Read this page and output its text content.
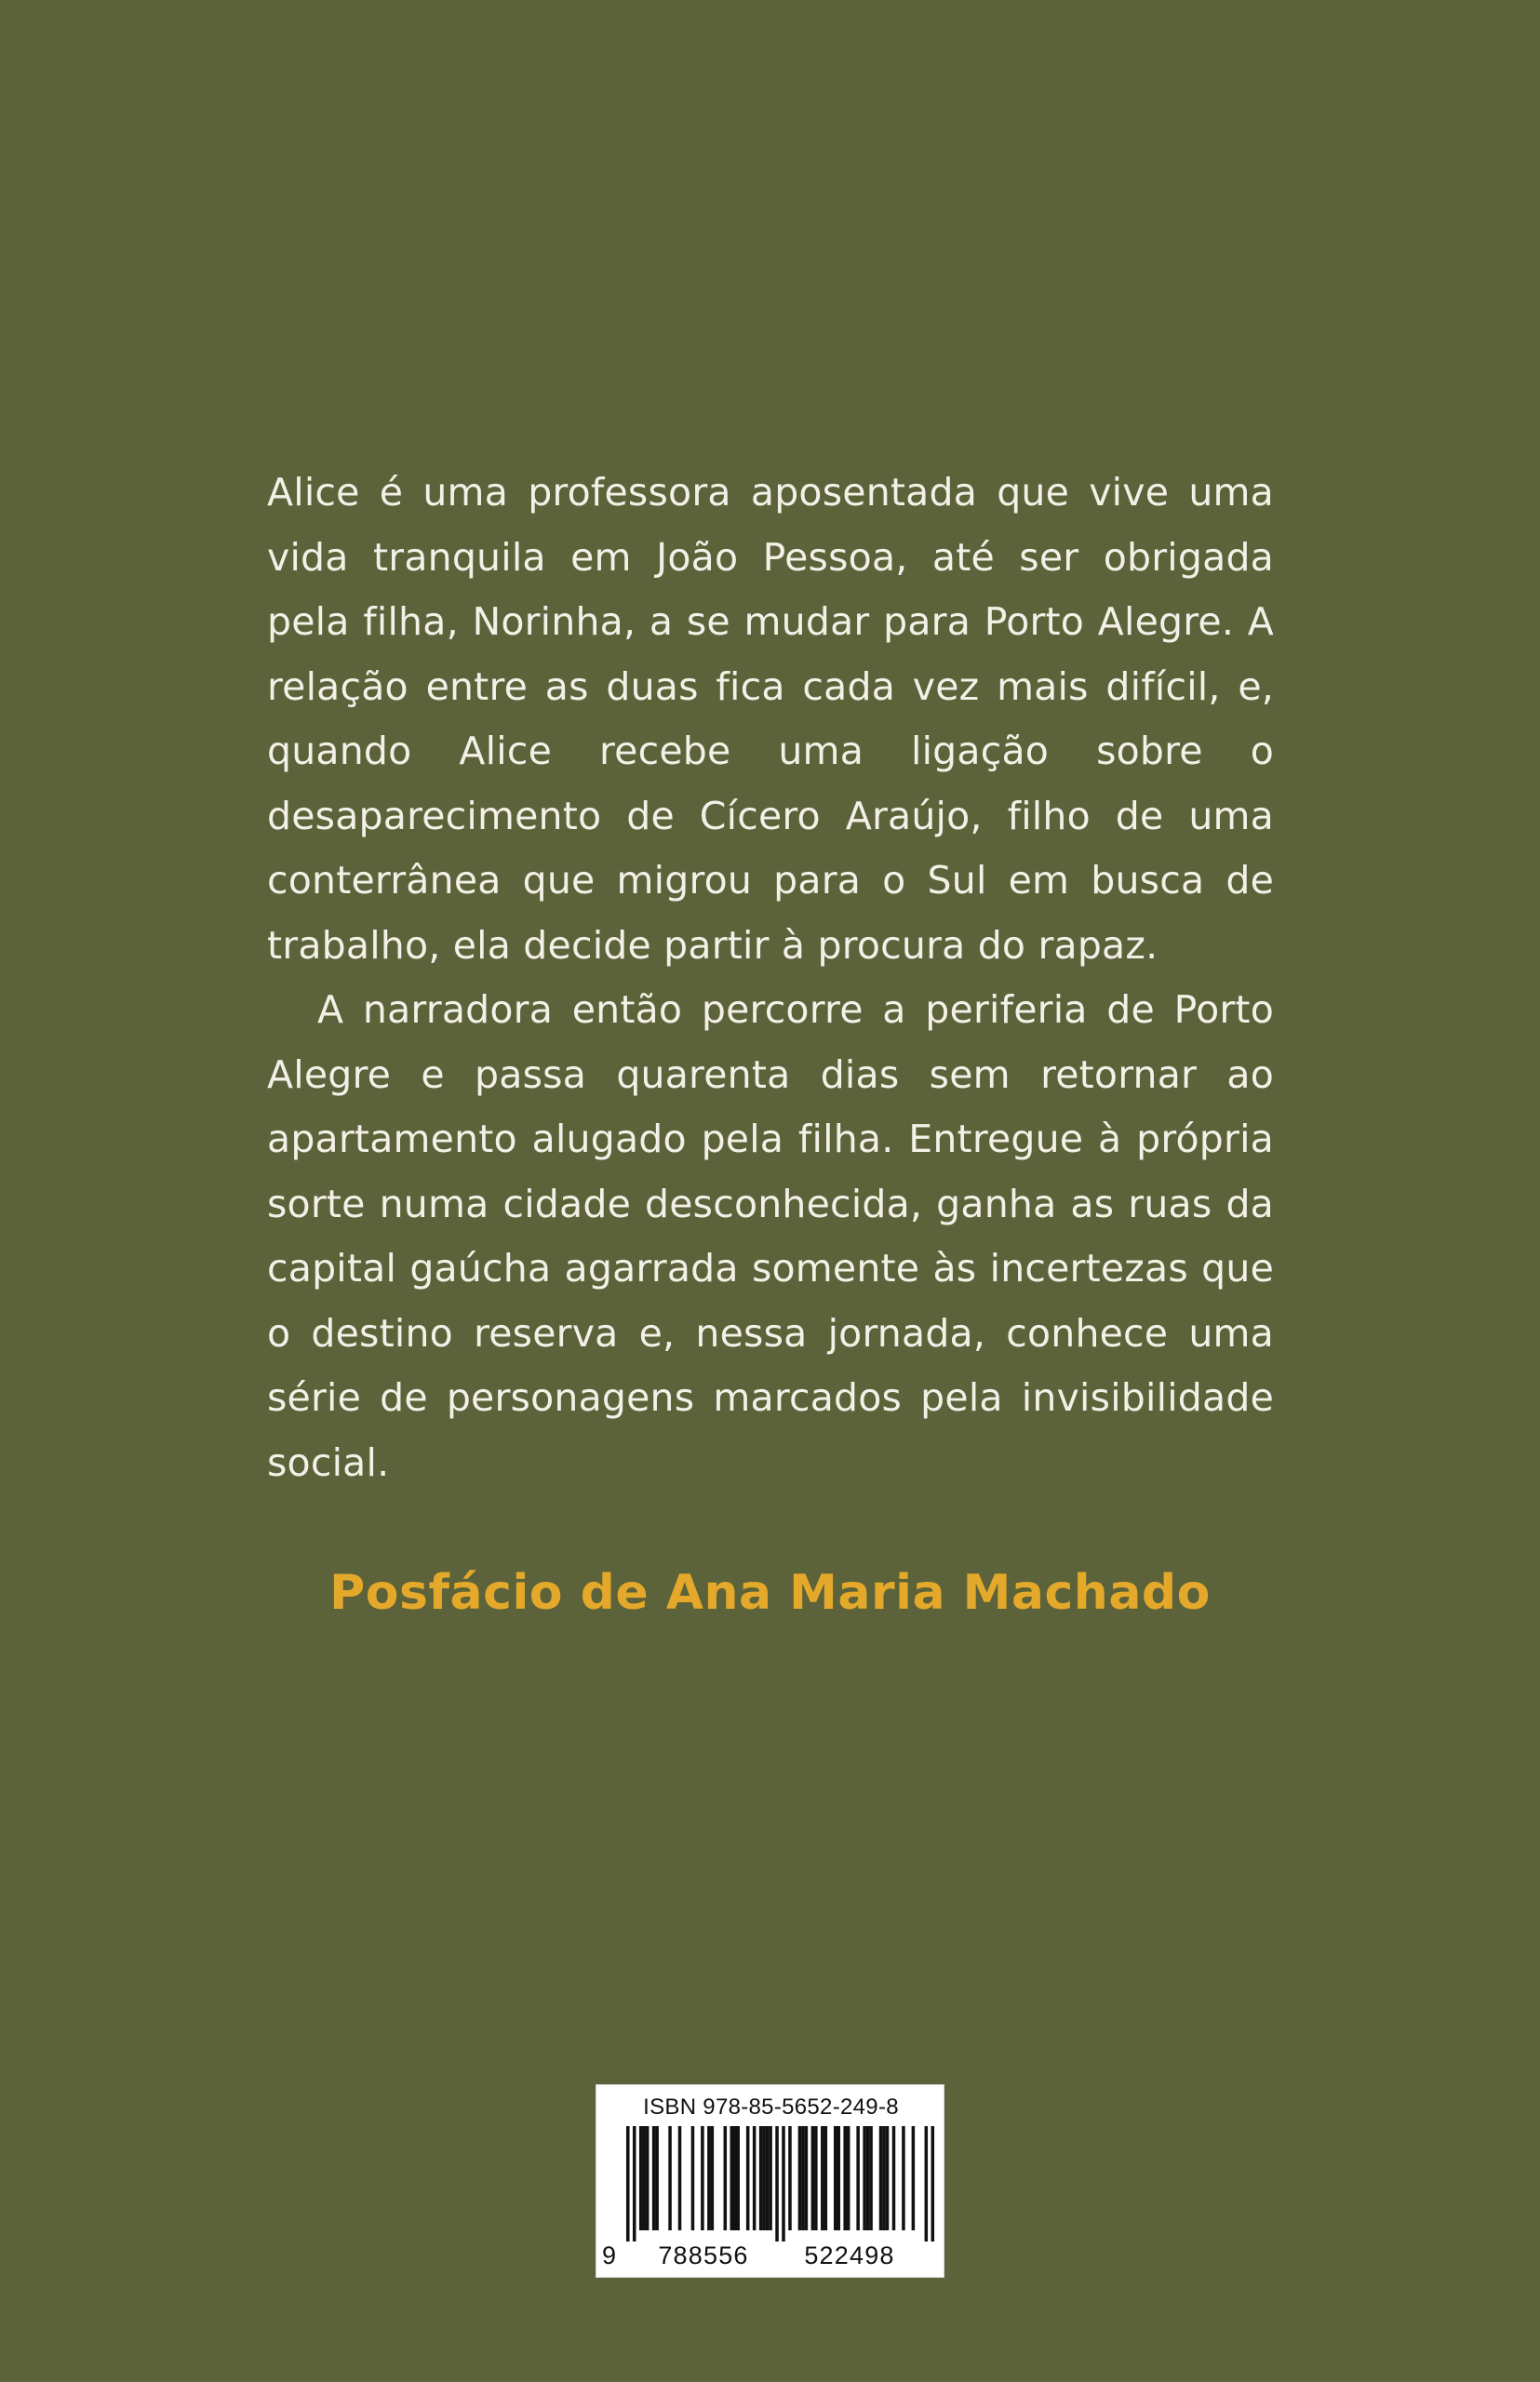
Alice é uma professora aposentada que vive uma vida tranquila em João Pessoa, até ser obrigada pela filha, Norinha, a se mudar para Porto Alegre. A relação entre as duas fica cada vez mais difícil, e, quando Alice recebe uma ligação sobre o desaparecimento de Cícero Araújo, filho de uma conterrânea que migrou para o Sul em busca de trabalho, ela decide partir à procura do rapaz.

A narradora então percorre a periferia de Porto Alegre e passa quarenta dias sem retornar ao apartamento alugado pela filha. Entregue à própria sorte numa cidade desconhecida, ganha as ruas da capital gaúcha agarrada somente às incertezas que o destino reserva e, nessa jornada, conhece uma série de personagens marcados pela invisibilidade social.

Posfácio de Ana Maria Machado
ISBN 978-85-5652-249-8
9	788556	522498
